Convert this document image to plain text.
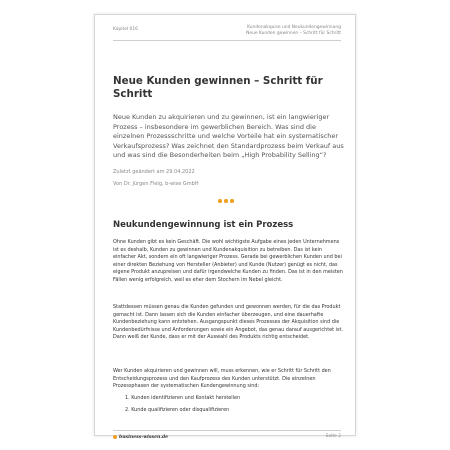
Kapitel 016	Kundenakquise und Neukundengewinnung
Neue Kunden gewinnen – Schritt für Schritt
Neue Kunden gewinnen – Schritt für Schritt
Neue Kunden zu akquirieren und zu gewinnen, ist ein langwieriger Prozess – insbesondere im gewerblichen Bereich. Was sind die einzelnen Prozessschritte und welche Vorteile hat ein systematischer Verkaufsprozess? Was zeichnet den Standardprozess beim Verkauf aus und was sind die Besonderheiten beim „High Probability Selling“?
Zuletzt geändert am 29.04.2022
Von Dr. Jürgen Fleig, b-wise GmbH
Neukundengewinnung ist ein Prozess
Ohne Kunden gibt es kein Geschäft. Die wohl wichtigste Aufgabe eines jeden Unternehmens ist es deshalb, Kunden zu gewinnen und Kundenakquisition zu betreiben. Das ist kein einfacher Akt, sondern ein oft langwieriger Prozess. Gerade bei gewerblichen Kunden und bei einer direkten Beziehung von Hersteller (Anbieter) und Kunde (Nutzer) genügt es nicht, das eigene Produkt anzupreisen und dafür irgendwelche Kunden zu finden. Das ist in den meisten Fällen wenig erfolgreich, weil es eher dem Stochern im Nebel gleicht.
Stattdessen müssen genau die Kunden gefunden und gewonnen werden, für die das Produkt gemacht ist. Dann lassen sich die Kunden einfacher überzeugen, und eine dauerhafte Kundenbeziehung kann entstehen. Ausgangspunkt dieses Prozesses der Akquisition sind die Kundenbedürfnisse und Anforderungen sowie ein Angebot, das genau darauf ausgerichtet ist. Dann weiß der Kunde, dass er mit der Auswahl des Produkts richtig entscheidet.
Wer Kunden akquirieren und gewinnen will, muss erkennen, wie er Schritt für Schritt den Entscheidungsprozess und den Kaufprozess des Kunden unterstützt. Die einzelnen Prozessphasen der systematischen Kundengewinnung sind:
1. Kunden identifizieren und Kontakt herstellen
2. Kunde qualifizieren oder disqualifizieren
business-wissen.de	Seite 2
